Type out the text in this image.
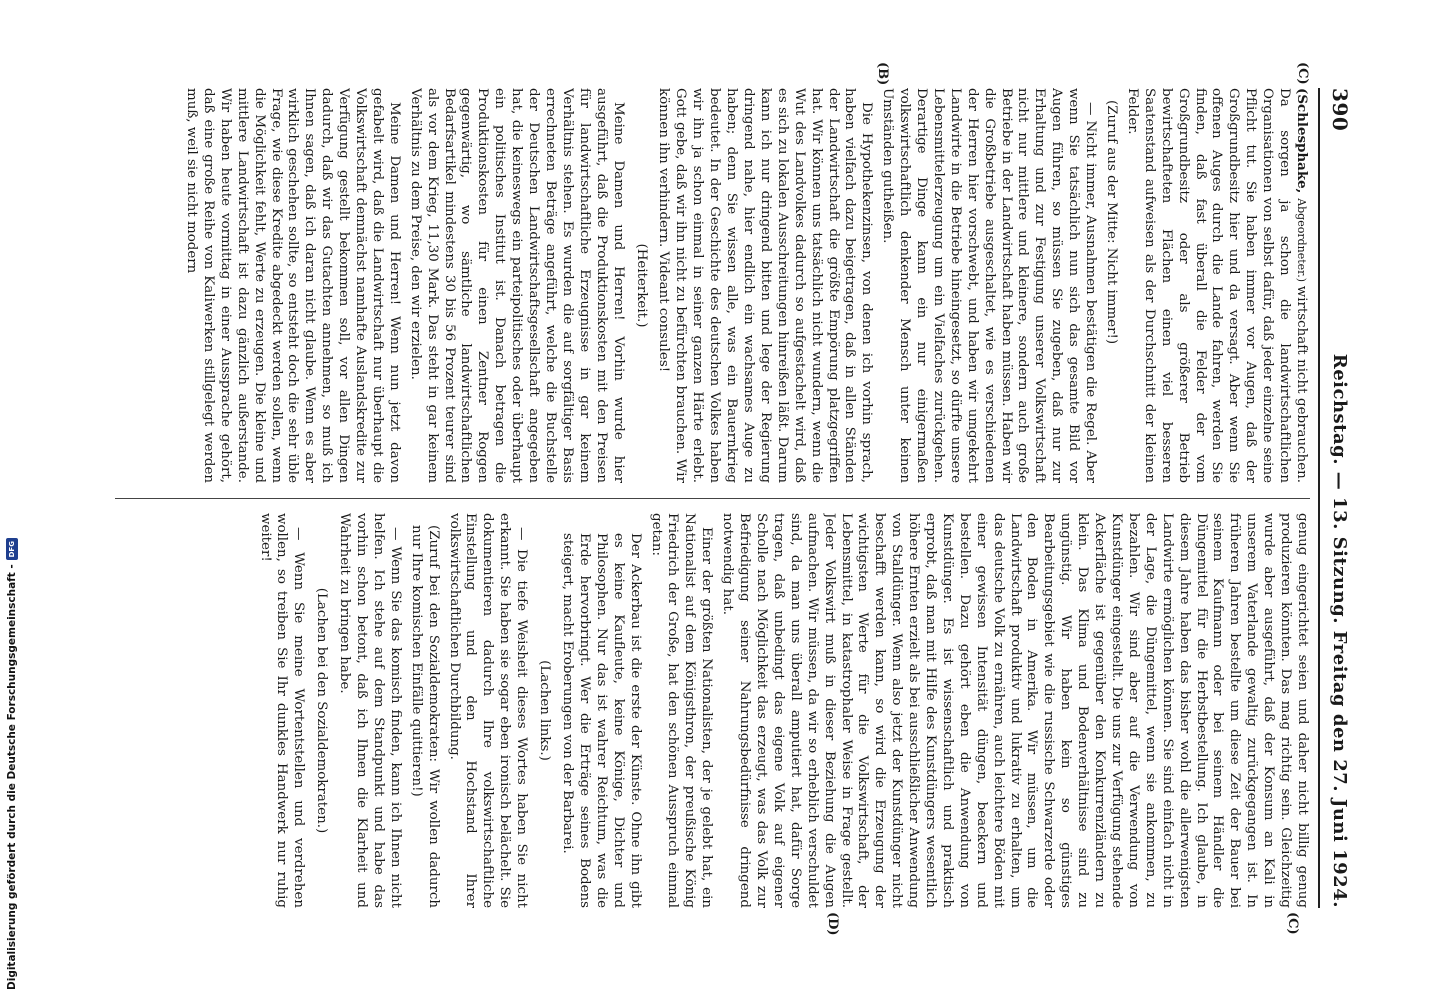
390
Reichstag. — 13. Sitzung. Freitag den 27. Juni 1924.

(Schlesphake, Abgeordneter.) wirtschaft nicht gebrauchen. Da sorgen ja schon die landwirtschaftlichen Organisationen von selbst dafür, daß jeder einzelne seine Pflicht tut. Sie haben immer vor Augen, daß der Großgrundbesitz hier und da versagt. Aber wenn Sie offenen Auges durch die Lande fahren, werden Sie finden, daß fast überall die Felder der vom Großgrundbesitz oder als größerer Betrieb bewirtschafteten Flächen einen viel besseren Saatenstand aufweisen als der Durchschnitt der kleinen Felder.

(Zuruf aus der Mitte: Nicht immer!)

— Nicht immer, Ausnahmen bestätigen die Regel. Aber wenn Sie tatsächlich nun sich das gesamte Bild vor Augen führen, so müssen Sie zugeben, daß nur zur Erhaltung und zur Festigung unserer Volkswirtschaft nicht nur mittlere und kleinere, sondern auch große Betriebe in der Landwirtschaft haben müssen. Haben wir die Großbetriebe ausgeschaltet, wie es verschiedenen der Herren hier vorschwebt, und haben wir umgekehrt Landwirte in die Betriebe hineingesetzt, so dürfte unsere Lebensmittelerzeugung um ein Vielfaches zurückgehen. Derartige Dinge kann ein nur einigermaßen volkswirtschaftlich denkender Mensch unter keinen Umständen gutheißen.

Die Hypothekenzinsen, von denen ich vorhin sprach, haben vielfach dazu beigetragen, daß in allen Ständen der Landwirtschaft die größte Empörung platzgegriffen hat. Wir können uns tatsächlich nicht wundern, wenn die Wut des Landvolkes dadurch so aufgestachelt wird, daß es sich zu lokalen Ausschreitungen hinreißen läßt. Darum kann ich nur dringend bitten und lege der Regierung dringend nahe, hier endlich ein wachsames Auge zu haben; denn Sie wissen alle, was ein Bauernkrieg bedeutet. In der Geschichte des deutschen Volkes haben wir ihn ja schon einmal in seiner ganzen Härte erlebt. Gott gebe, daß wir ihn nicht zu befürchten brauchen. Wir können ihn verhindern. Videant consules!

(Heiterkeit.)

Meine Damen und Herren! Vorhin wurde hier ausgeführt, daß die Produktionskosten mit den Preisen für landwirtschaftliche Erzeugnisse in gar keinem Verhältnis stehen. Es wurden die auf sorgfältiger Basis errechneten Beträge angeführt, welche die Buchstelle der Deutschen Landwirtschaftsgesellschaft angegeben hat, die keineswegs ein parteipolitisches oder überhaupt ein politisches Institut ist. Danach betragen die Produktionskosten für einen Zentner Roggen gegenwärtig, wo sämtliche landwirtschaftlichen Bedarfsartikel mindestens 30 bis 56 Prozent teurer sind als vor dem Krieg, 11,30 Mark. Das steht in gar keinem Verhältnis zu dem Preise, den wir erzielen.

Meine Damen und Herren! Wenn nun jetzt davon gefabelt wird, daß die Landwirtschaft nur überhaupt die Volkswirtschaft demnächst namhafte Auslandskredite zur Verfügung gestellt bekommen soll, vor allen Dingen dadurch, daß wir das Gutachten annehmen, so muß ich Ihnen sagen, daß ich daran nicht glaube. Wenn es aber wirklich geschehen sollte, so entsteht doch die sehr üble Frage, wie diese Kredite abgedeckt werden sollen, wenn die Möglichkeit fehlt, Werte zu erzeugen. Die kleine und mittlere Landwirtschaft ist dazu gänzlich außerstande. Wir haben heute vormittag in einer Aussprache gehört, daß eine große Reihe von Kaliwerken stillgelegt werden muß, weil sie nicht modern

genug eingerichtet seien und daher nicht billig genug produzieren könnten. Das mag richtig sein. Gleichzeitig wurde aber ausgeführt, daß der Konsum an Kali in unserem Vaterlande gewaltig zurückgegangen ist. In früheren Jahren bestellte um diese Zeit der Bauer bei seinem Kaufmann oder bei seinem Händler die Düngemittel für die Herbstbestellung. Ich glaube, in diesem Jahre haben das bisher wohl die allerwenigsten Landwirte ermöglichen können. Sie sind einfach nicht in der Lage, die Düngemittel, wenn sie ankommen, zu bezahlen. Wir sind aber auf die Verwendung von Kunstdünger eingestellt. Die uns zur Verfügung stehende Ackerfläche ist gegenüber den Konkurrenzländern zu klein. Das Klima und Bodenverhältnisse sind zu ungünstig. Wir haben kein so günstiges Bearbeitungsgebiet wie die russische Schwarzerde oder den Boden in Amerika. Wir müssen, um die Landwirtschaft produktiv und lukrativ zu erhalten, um das deutsche Volk zu ernähren, auch leichtere Böden mit einer gewissen Intensität düngen, beackern und bestellen. Dazu gehört eben die Anwendung von Kunstdünger. Es ist wissenschaftlich und praktisch erprobt, daß man mit Hilfe des Kunstdüngers wesentlich höhere Ernten erzielt als bei ausschließlicher Anwendung von Stalldünger. Wenn also jetzt der Kunstdünger nicht beschafft werden kann, so wird die Erzeugung der wichtigsten Werte für die Volkswirtschaft, der Lebensmittel, in katastrophaler Weise in Frage gestellt. Jeder Volkswirt muß in dieser Beziehung die Augen aufmachen. Wir müssen, da wir so erheblich verschuldet sind, da man uns überall amputiert hat, dafür Sorge tragen, daß unbedingt das eigene Volk auf eigener Scholle nach Möglichkeit das erzeugt, was das Volk zur Befriedigung seiner Nahrungsbedürfnisse dringend notwendig hat.

Einer der größten Nationalisten, der je gelebt hat, ein Nationalist auf dem Königsthron, der preußische König Friedrich der Große, hat den schönen Ausspruch einmal getan:

Der Ackerbau ist die erste der Künste. Ohne ihn gibt es keine Kaufleute, keine Könige, Dichter und Philosophen. Nur das ist wahrer Reichtum, was die Erde hervorbringt. Wer die Erträge seines Bodens steigert, macht Eroberungen von der Barbarei.

(Lachen links.)

— Die tiefe Weisheit dieses Wortes haben Sie nicht erkannt. Sie haben sie sogar eben ironisch belächelt. Sie dokumentieren dadurch Ihre volkswirtschaftliche Einstellung und den Hochstand Ihrer volkswirtschaftlichen Durchbildung.

(Zuruf bei den Sozialdemokraten: Wir wollen dadurch nur Ihre komischen Einfälle quittieren!)

— Wenn Sie das komisch finden, kann ich Ihnen nicht helfen. Ich stehe auf dem Standpunkt und habe das vorhin schon betont, daß ich Ihnen die Klarheit und Wahrheit zu bringen habe.

(Lachen bei den Sozialdemokraten.)

— Wenn Sie meine Wortentstellen und verdrehen wollen, so treiben Sie Ihr dunkles Handwerk nur ruhig weiter!

(C)
(B)
(C)
(D)
Digitalisierung gefördert durch die Deutsche Forschungsgemeinschaft -
DFG
